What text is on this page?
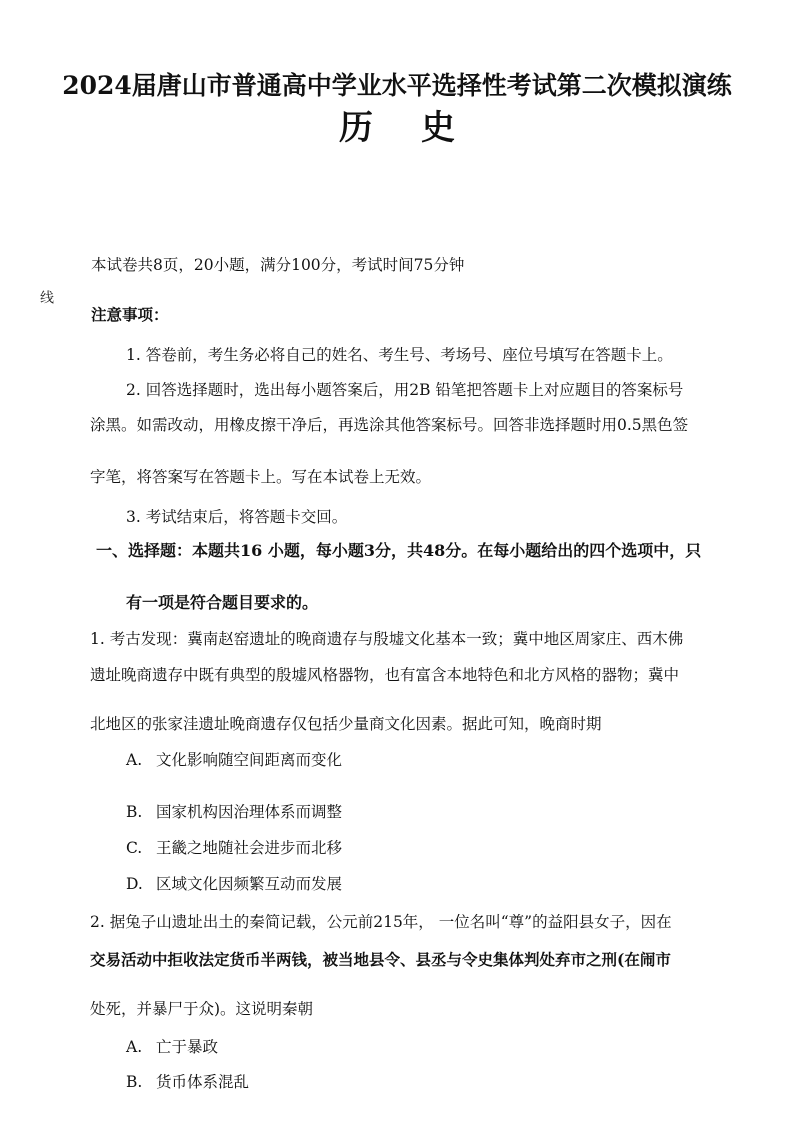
2024届唐山市普通高中学业水平选择性考试第二次模拟演练
历史
线

本试卷共8页，20小题，满分100分，考试时间75分钟

注意事项：

1. 答卷前，考生务必将自己的姓名、考生号、考场号、座位号填写在答题卡上。

2. 回答选择题时，选出每小题答案后，用2B 铅笔把答题卡上对应题目的答案标号

涂黑。如需改动，用橡皮擦干净后，再选涂其他答案标号。回答非选择题时用0.5黑色签

字笔，将答案写在答题卡上。写在本试卷上无效。

3. 考试结束后，将答题卡交回。

一、选择题：本题共16 小题，每小题3分，共48分。在每小题给出的四个选项中，只

有一项是符合题目要求的。

1. 考古发现：冀南赵窑遗址的晚商遗存与殷墟文化基本一致；冀中地区周家庄、西木佛

遗址晚商遗存中既有典型的殷墟风格器物，也有富含本地特色和北方风格的器物；冀中

北地区的张家洼遗址晚商遗存仅包括少量商文化因素。据此可知，晚商时期

A. 文化影响随空间距离而变化

B. 国家机构因治理体系而调整

C. 王畿之地随社会进步而北移

D. 区域文化因频繁互动而发展

2. 据兔子山遗址出土的秦简记载，公元前215年， 一位名叫“尊”的益阳县女子，因在

交易活动中拒收法定货币半两钱，被当地县令、县丞与令史集体判处弃市之刑(在闹市

处死，并暴尸于众)。这说明秦朝

A. 亡于暴政

B. 货币体系混乱
